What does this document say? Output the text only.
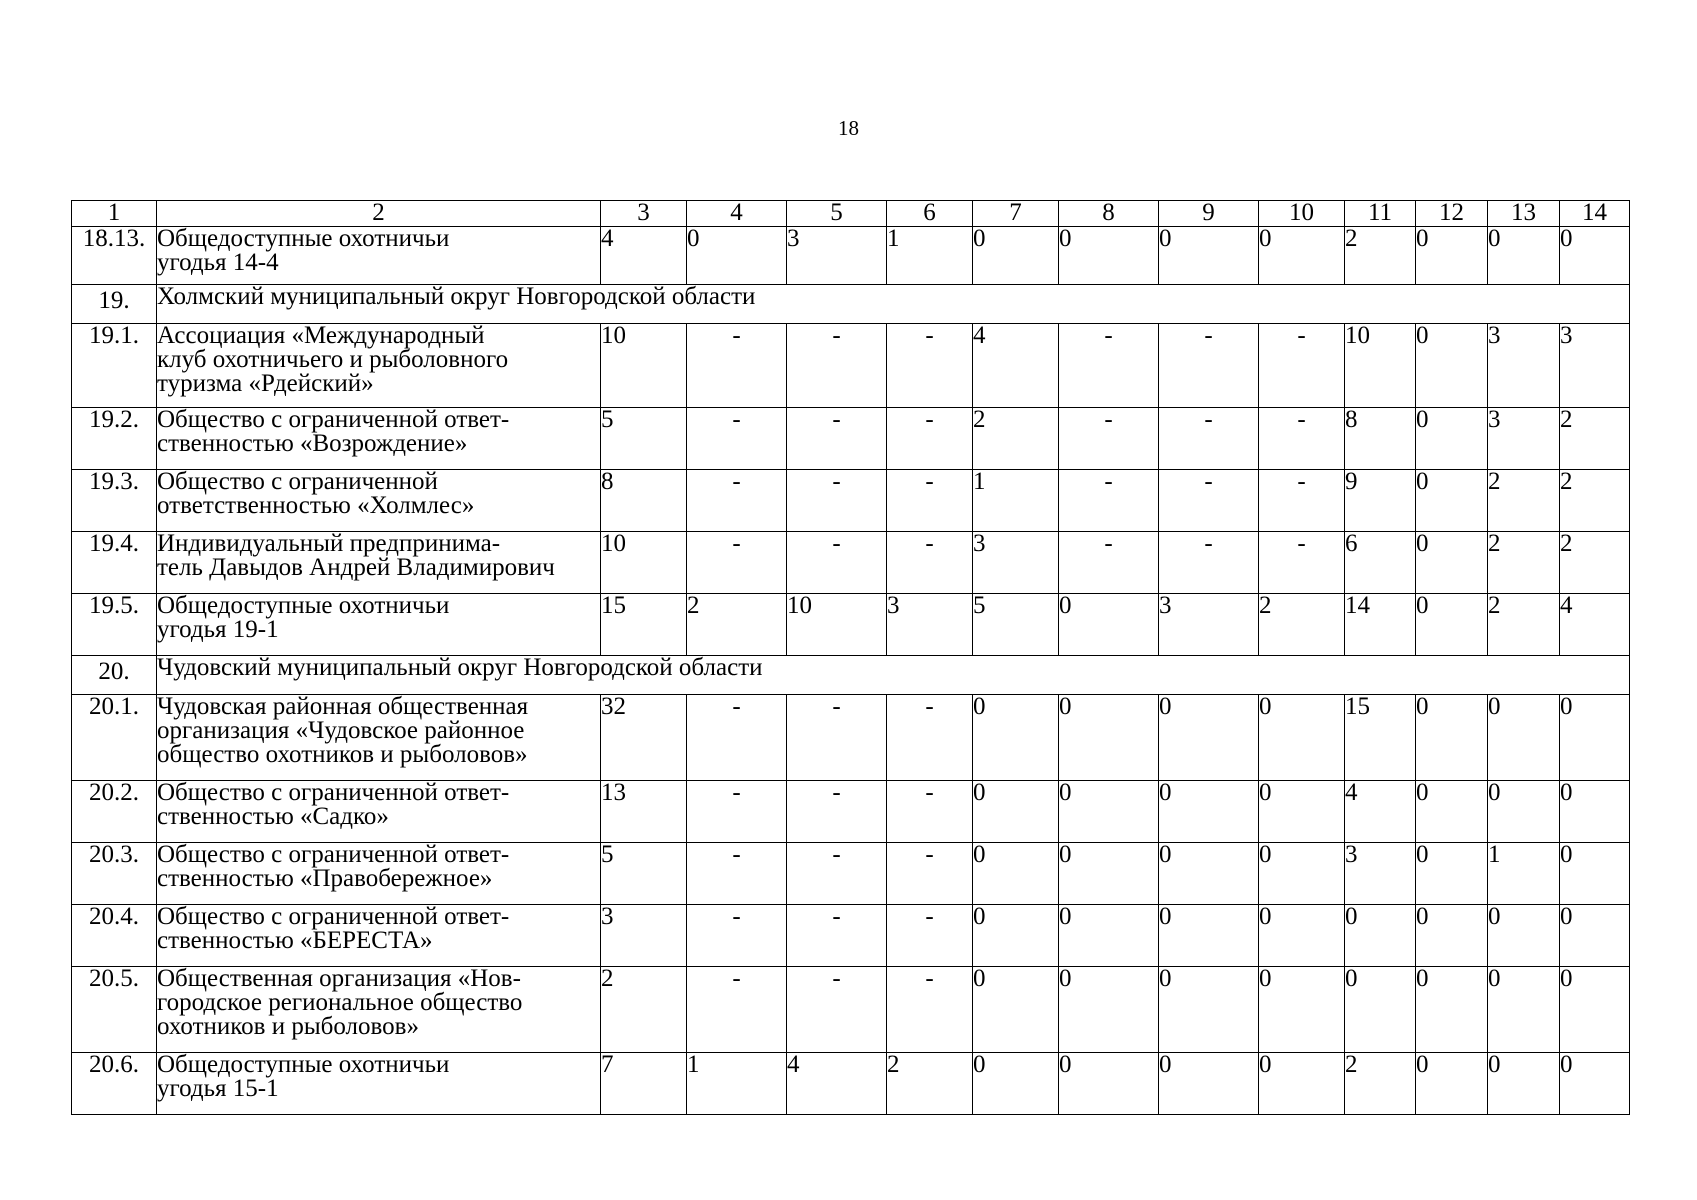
18
1	2	3	4	5	6	7	8	9	10	11	12	13	14
18.13.	Общедоступные охотничьи
угодья 14-4	4	0	3	1	0	0	0	0	2	0	0	0
19.	Холмский муниципальный округ Новгородской области												
19.1.	Ассоциация «Международный
клуб охотничьего и рыболовного
туризма «Рдейский»	10	-	-	-	4	-	-	-	10	0	3	3
19.2.	Общество с ограниченной ответ-
ственностью «Возрождение»	5	-	-	-	2	-	-	-	8	0	3	2
19.3.	Общество с ограниченной
ответственностью «Холмлес»	8	-	-	-	1	-	-	-	9	0	2	2
19.4.	Индивидуальный предпринима-
тель Давыдов Андрей Владимирович	10	-	-	-	3	-	-	-	6	0	2	2
19.5.	Общедоступные охотничьи
угодья 19-1	15	2	10	3	5	0	3	2	14	0	2	4
20.	Чудовский муниципальный округ Новгородской области												
20.1.	Чудовская районная общественная
организация «Чудовское районное
общество охотников и рыболовов»	32	-	-	-	0	0	0	0	15	0	0	0
20.2.	Общество с ограниченной ответ-
ственностью «Садко»	13	-	-	-	0	0	0	0	4	0	0	0
20.3.	Общество с ограниченной ответ-
ственностью «Правобережное»	5	-	-	-	0	0	0	0	3	0	1	0
20.4.	Общество с ограниченной ответ-
ственностью «БЕРЕСТА»	3	-	-	-	0	0	0	0	0	0	0	0
20.5.	Общественная организация «Нов-
городское региональное общество
охотников и рыболовов»	2	-	-	-	0	0	0	0	0	0	0	0
20.6.	Общедоступные охотничьи
угодья 15-1	7	1	4	2	0	0	0	0	2	0	0	0
